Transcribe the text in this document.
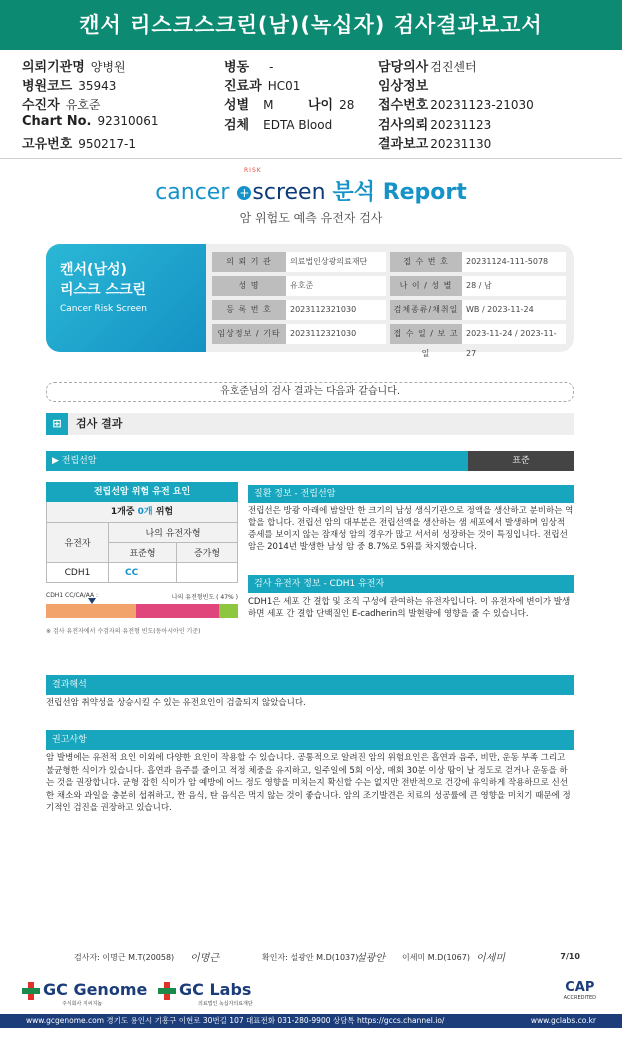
캔서 리스크스크린(남)(녹십자) 검사결과보고서
의뢰기관명 양병원
병원코드 35943
수진자 유호준
Chart No. 92310061
고유번호 950217-1
병동 -
진료과 HC01
성별 M	나이 28
검체 EDTA Blood
담당의사 검진센터
임상정보
접수번호 20231123-21030
검사의뢰 20231123
결과보고 20231130
cancer + screen 분석 Report
RISK
암 위험도 예측 유전자 검사
캔서(남성)
리스크 스크린
Cancer Risk Screen
의 뢰 기 관	의료법인상광의료재단	접 수 번 호	20231124-111-5078
성 명	유호준	나 이 / 성 별	28 / 남
등 록 번 호	2023112321030	검체종류/채취일 WB / 2023-11-24
임상정보 / 기타	2023112321030	접 수 일 / 보 고 일
2023-11-24 / 2023-11-27
유호준님의 검사 결과는 다음과 같습니다.
⊞	검사 결과
▶ 전립선암	표준
전립선암 위험 유전 요인
1개중 0개 위험
유전자	나의 유전자형	
	표준형	증가형
CDH1	CC	
CDH1 CC/CA/AA :	나의 유전형빈도 ( 47% )
※ 검사 유전자에서 수검자의 유전형 빈도(동아시아인 기준)
질환 정보 - 전립선암
전립선은 방광 아래에 밤알만 한 크기의 남성 생식기관으로 정액을 생산하고 분비하는 역할을 합니다. 전립선 암의 대부분은 전립선액을 생산하는 샘 세포에서 발생하며 임상적 증세를 보이지 않는 잠재성 암의 경우가 많고 서서히 성장하는 것이 특징입니다. 전립선암은 2014년 발생한 남성 암 중 8.7%로 5위를 차지했습니다.
검사 유전자 정보 - CDH1 유전자
CDH1은 세포 간 결합 및 조직 구성에 관여하는 유전자입니다. 이 유전자에 변이가 발생하면 세포 간 결합 단백질인 E-cadherin의 발현량에 영향을 줄 수 있습니다.
결과해석
전립선암 취약성을 상승시킬 수 있는 유전요인이 검출되지 않았습니다.
권고사항
암 발병에는 유전적 요인 이외에 다양한 요인이 작용할 수 있습니다. 공통적으로 알려진 암의 위험요인은 흡연과 음주, 비만, 운동 부족 그리고 불균형한 식이가 있습니다. 흡연과 음주를 줄이고 적정 체중을 유지하고, 일주일에 5회 이상, 매회 30분 이상 땀이 날 정도로 걷거나 운동을 하는 것을 권장합니다. 균형 잡힌 식이가 암 예방에 어느 정도 영향을 미치는지 확신할 수는 없지만 전반적으로 건강에 유익하게 작용하므로 신선한 채소와 과일을 충분히 섭취하고, 짠 음식, 탄 음식은 먹지 않는 것이 좋습니다. 암의 조기발견은 치료의 성공률에 큰 영향을 미치기 때문에 정기적인 검진을 권장하고 있습니다.
검사자: 이명근 M.T(20058) 이명근	확인자: 설광안 M.D(1037)
설광안 이세미 M.D(1067) 이세미	7/10
GC Genome
주식회사 지씨지놈
GC Labs
의료법인 녹십자의료재단
CAP
ACCREDITED
www.gcgenome.com 경기도 용인시 기흥구 이현로 30번길 107 대표전화 031-280-9900 상담톡 https://gccs.channel.io/	www.gclabs.co.kr
